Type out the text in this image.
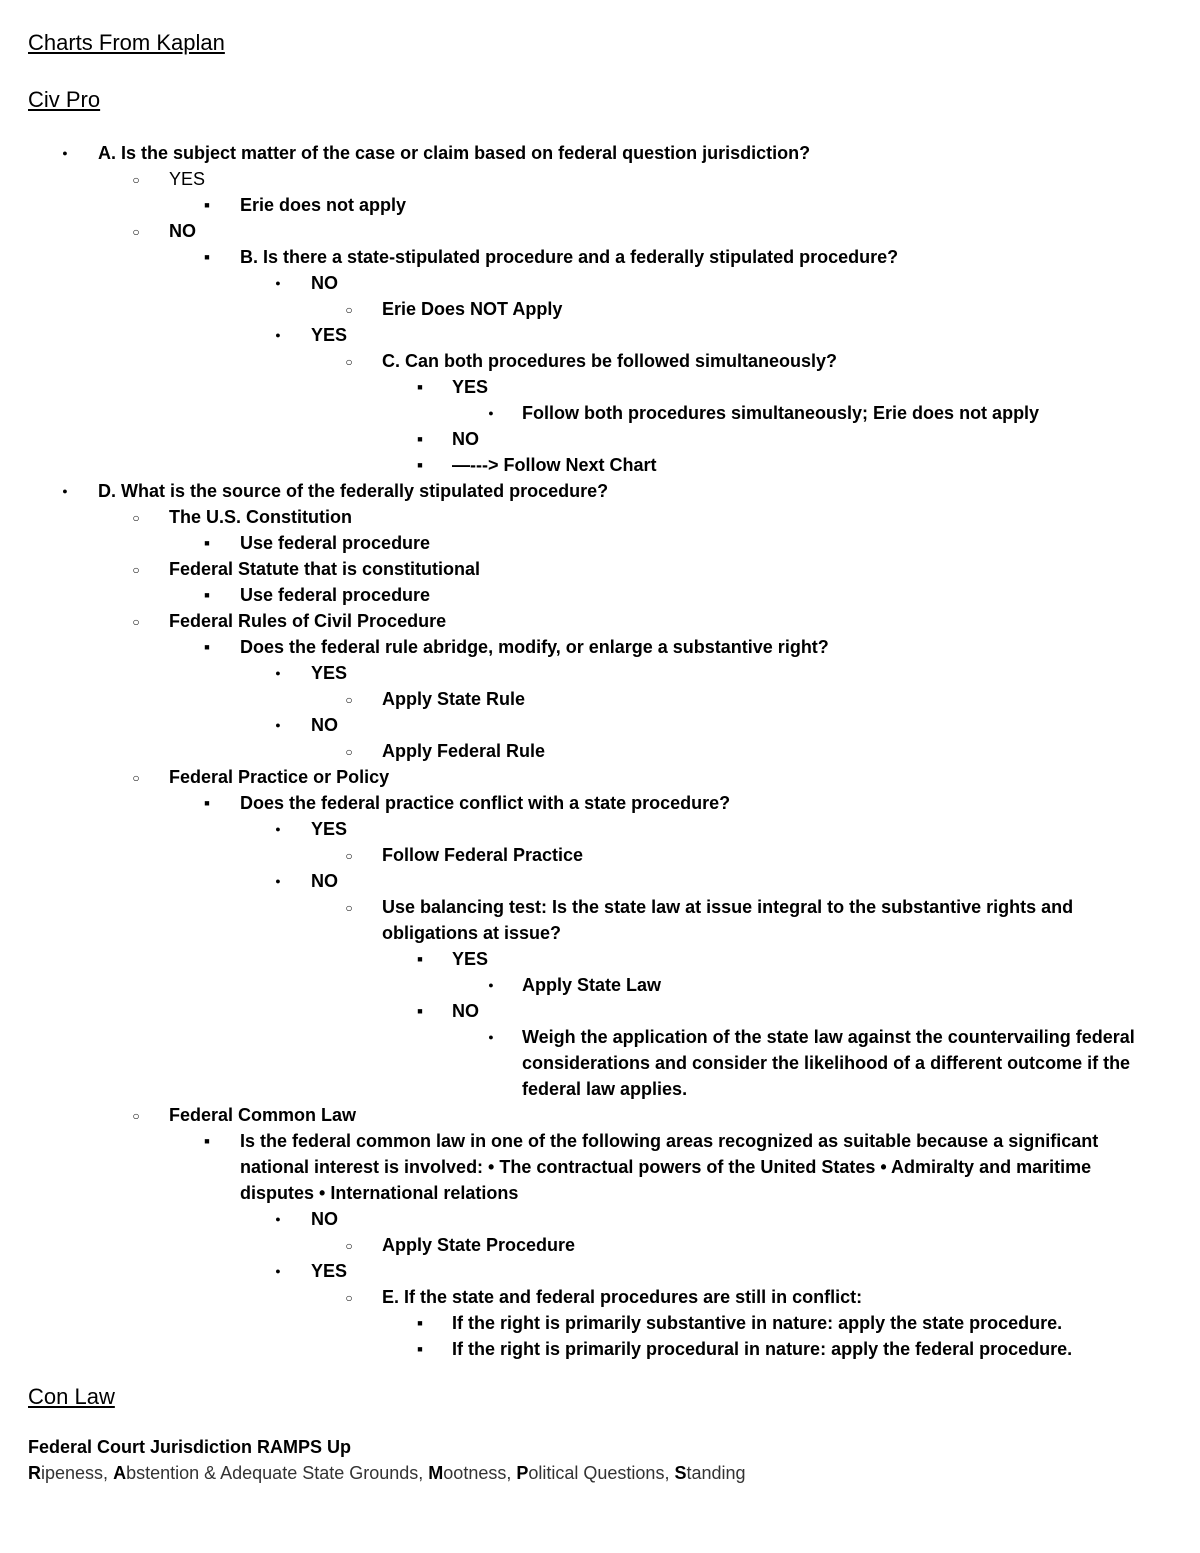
Charts From Kaplan
Civ Pro
●
A. Is the subject matter of the case or claim based on federal question jurisdiction?
○
YES
■
Erie does not apply
○
NO
■
B. Is there a state-stipulated procedure and a federally stipulated procedure?
●
NO
○
Erie Does NOT Apply
●
YES
○
C. Can both procedures be followed simultaneously?
■
YES
●
Follow both procedures simultaneously; Erie does not apply
■
NO
■
—---> Follow Next Chart
●
D. What is the source of the federally stipulated procedure?
○
The U.S. Constitution
■
Use federal procedure
○
Federal Statute that is constitutional
■
Use federal procedure
○
Federal Rules of Civil Procedure
■
Does the federal rule abridge, modify, or enlarge a substantive right?
●
YES
○
Apply State Rule
●
NO
○
Apply Federal Rule
○
Federal Practice or Policy
■
Does the federal practice conflict with a state procedure?
●
YES
○
Follow Federal Practice
●
NO
○
Use balancing test: Is the state law at issue integral to the substantive rights and obligations at issue?
■
YES
●
Apply State Law
■
NO
●
Weigh the application of the state law against the countervailing federal considerations and consider the likelihood of a different outcome if the federal law applies.
○
Federal Common Law
■
Is the federal common law in one of the following areas recognized as suitable because a significant national interest is involved: • The contractual powers of the United States • Admiralty and maritime disputes • International relations
●
NO
○
Apply State Procedure
●
YES
○
E. If the state and federal procedures are still in conflict:
■
If the right is primarily substantive in nature: apply the state procedure.
■
If the right is primarily procedural in nature: apply the federal procedure.
Con Law
Federal Court Jurisdiction RAMPS Up
Ripeness, Abstention & Adequate State Grounds, Mootness, Political Questions, Standing
